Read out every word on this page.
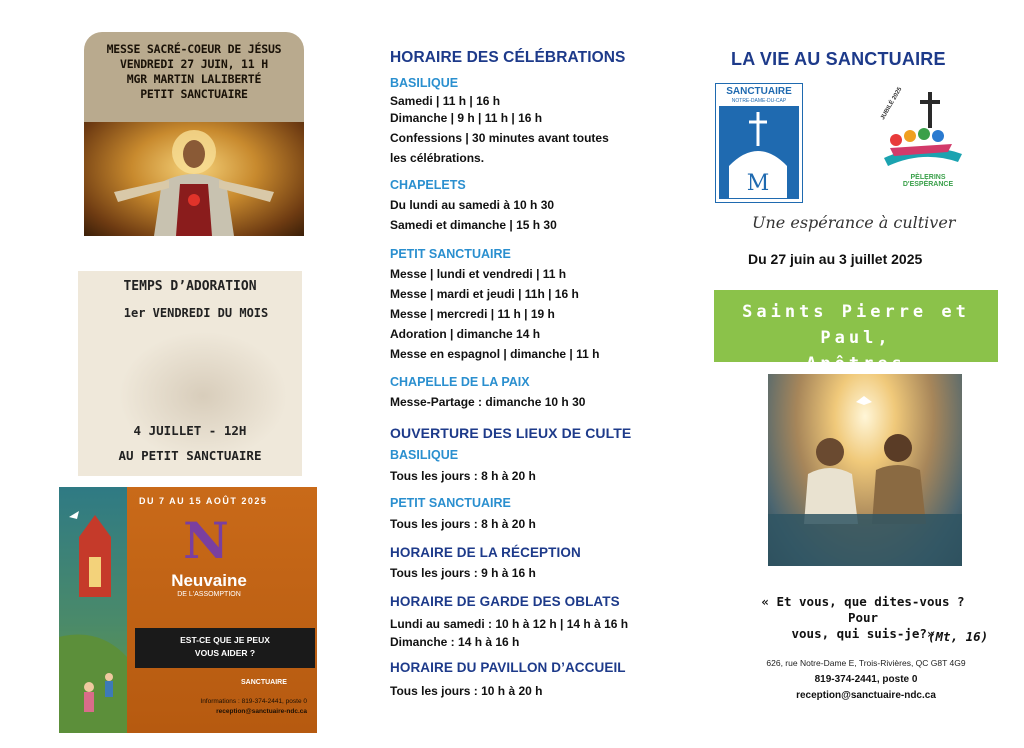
MESSE SACRÉ-COEUR DE JÉSUS
VENDREDI 27 JUIN, 11 H
MGR MARTIN LALIBERTÉ
PETIT SANCTUAIRE
TEMPS D’ADORATION
1er VENDREDI DU MOIS
4 JUILLET - 12H
AU PETIT SANCTUAIRE
DU 7 AU 15 AOÛT 2025
N
Neuvaine
DE L'ASSOMPTION
EST-CE QUE JE PEUX
VOUS AIDER ?
SANCTUAIRE
Informations : 819-374-2441, poste 0
reception@sanctuaire-ndc.ca
HORAIRE DES CÉLÉBRATIONS
BASILIQUE
Samedi | 11 h | 16 h
Dimanche | 9 h | 11 h | 16 h
Confessions | 30 minutes avant toutes
les célébrations.
CHAPELETS
Du lundi au samedi à 10 h 30
Samedi et dimanche | 15 h 30
PETIT SANCTUAIRE
Messe | lundi et vendredi | 11 h
Messe | mardi et jeudi | 11h | 16 h
Messe | mercredi | 11 h | 19 h
Adoration | dimanche 14 h
Messe en espagnol | dimanche | 11 h
CHAPELLE DE LA PAIX
Messe-Partage : dimanche 10 h 30
OUVERTURE DES LIEUX DE CULTE
BASILIQUE
Tous les jours : 8 h à 20 h
PETIT SANCTUAIRE
Tous les jours : 8 h à 20 h
HORAIRE DE LA RÉCEPTION
Tous les jours : 9 h à 16 h
HORAIRE DE GARDE DES OBLATS
Lundi au samedi : 10 h à 12 h | 14 h à 16 h
Dimanche : 14 h à 16 h
HORAIRE DU PAVILLON D’ACCUEIL
Tous les jours : 10 h à 20 h
LA VIE AU SANCTUAIRE
SANCTUAIRE
NOTRE-DAME-DU-CAP
M
JUBILÉ 2025
PÈLERINS D'ESPÉRANCE
Une espérance à cultiver
Du 27 juin au 3 juillet 2025
Saints Pierre et Paul,
Apôtres
« Et vous, que dites-vous ? Pour
vous, qui suis-je?»
(Mt, 16)
626, rue Notre-Dame E, Trois-Rivières, QC G8T 4G9
819-374-2441, poste 0
reception@sanctuaire-ndc.ca
